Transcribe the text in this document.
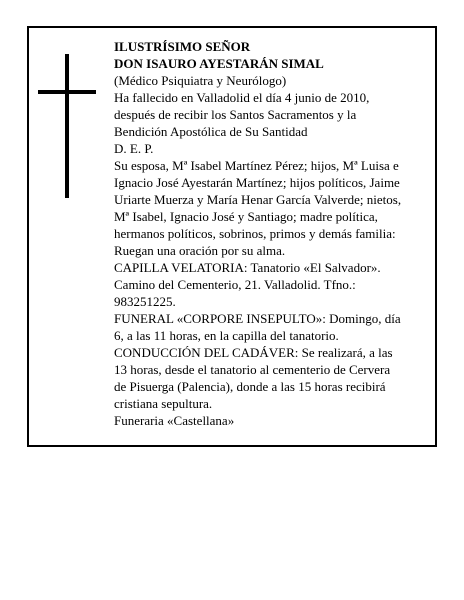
ILUSTRÍSIMO SEÑOR

DON ISAURO AYESTARÁN SIMAL

(Médico Psiquiatra y Neurólogo)

Ha fallecido en Valladolid el día 4 junio de 2010, después de recibir los Santos Sacramentos y la Bendición Apostólica de Su Santidad

D. E. P.

Su esposa, Mª Isabel Martínez Pérez; hijos, Mª Luisa e Ignacio José Ayestarán Martínez; hijos políticos, Jaime Uriarte Muerza y María Henar García Valverde; nietos, Mª Isabel, Ignacio José y Santiago; madre política, hermanos políticos, sobrinos, primos y demás familia:

Ruegan una oración por su alma.

CAPILLA VELATORIA: Tanatorio «El Salvador». Camino del Cementerio, 21. Valladolid. Tfno.: 983251225.

FUNERAL «CORPORE INSEPULTO»: Domingo, día 6, a las 11 horas, en la capilla del tanatorio.

CONDUCCIÓN DEL CADÁVER: Se realizará, a las 13 horas, desde el tanatorio al cementerio de Cervera de Pisuerga (Palencia), donde a las 15 horas recibirá cristiana sepultura.

Funeraria «Castellana»
